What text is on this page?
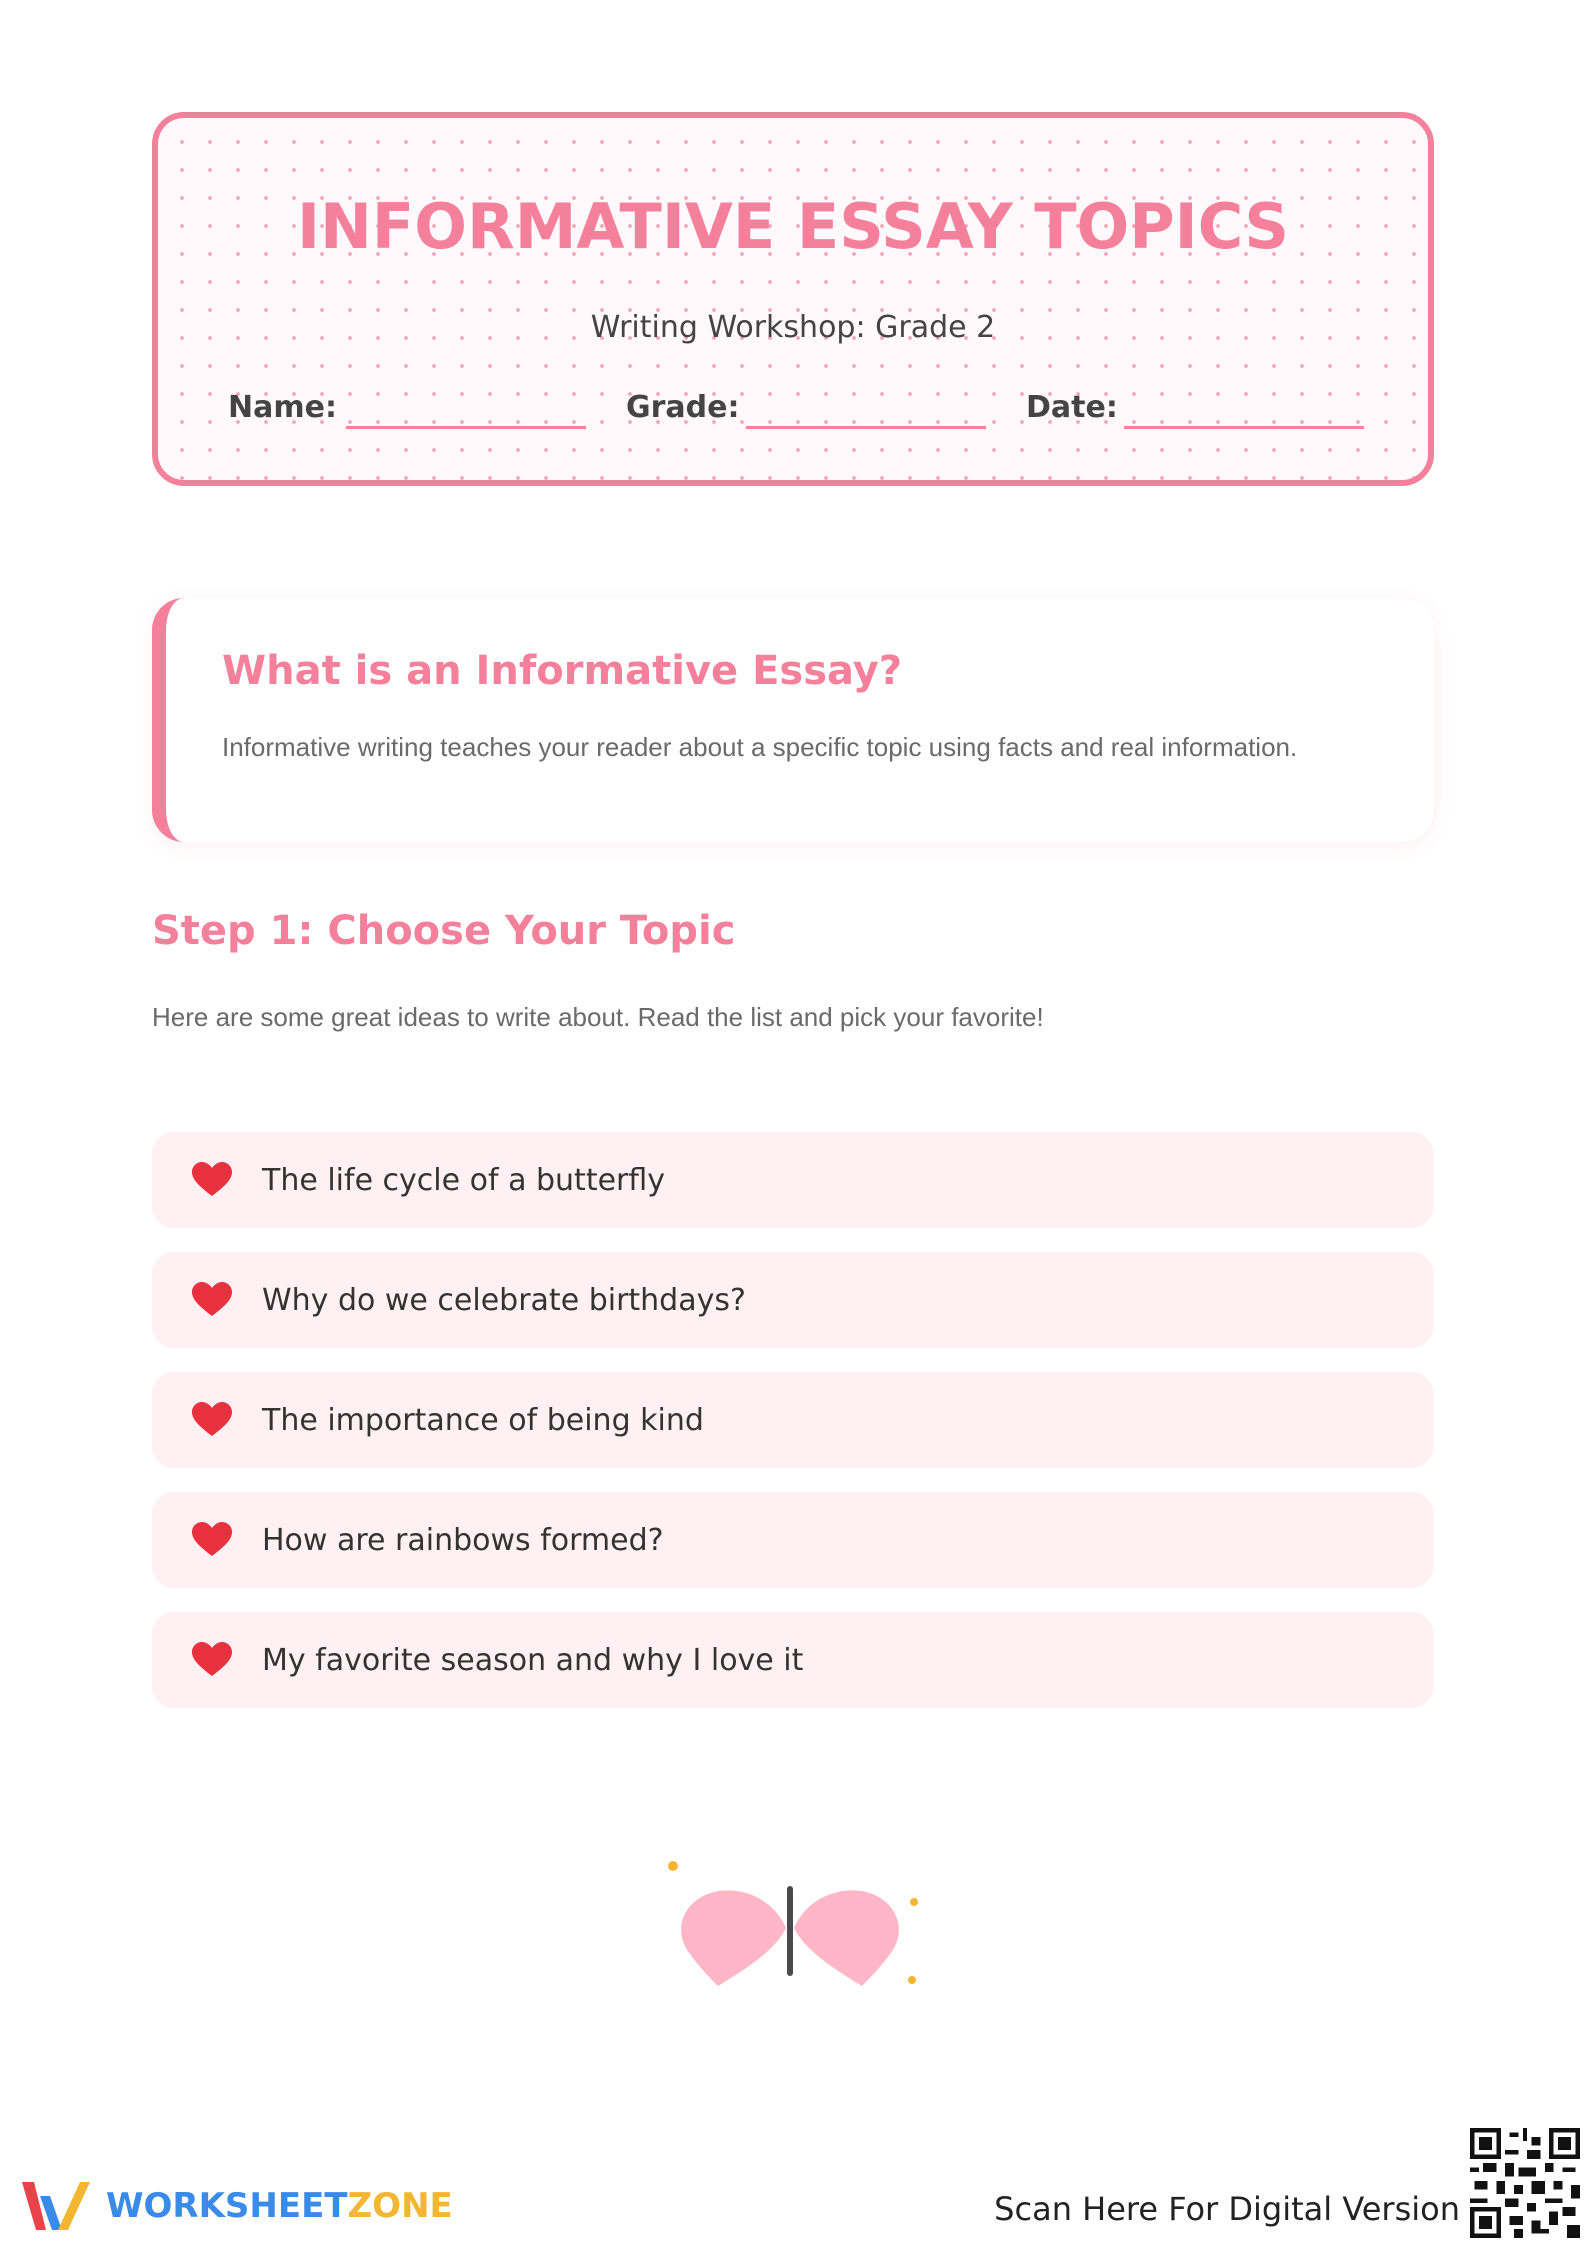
INFORMATIVE ESSAY TOPICS
Writing Workshop: Grade 2
Name:	Grade:	Date:
What is an Informative Essay?
Informative writing teaches your reader about a specific topic using facts and real information.
Step 1: Choose Your Topic
Here are some great ideas to write about. Read the list and pick your favorite!
The life cycle of a butterfly
Why do we celebrate birthdays?
The importance of being kind
How are rainbows formed?
My favorite season and why I love it
WORKSHEETZONE	Scan Here For Digital Version
